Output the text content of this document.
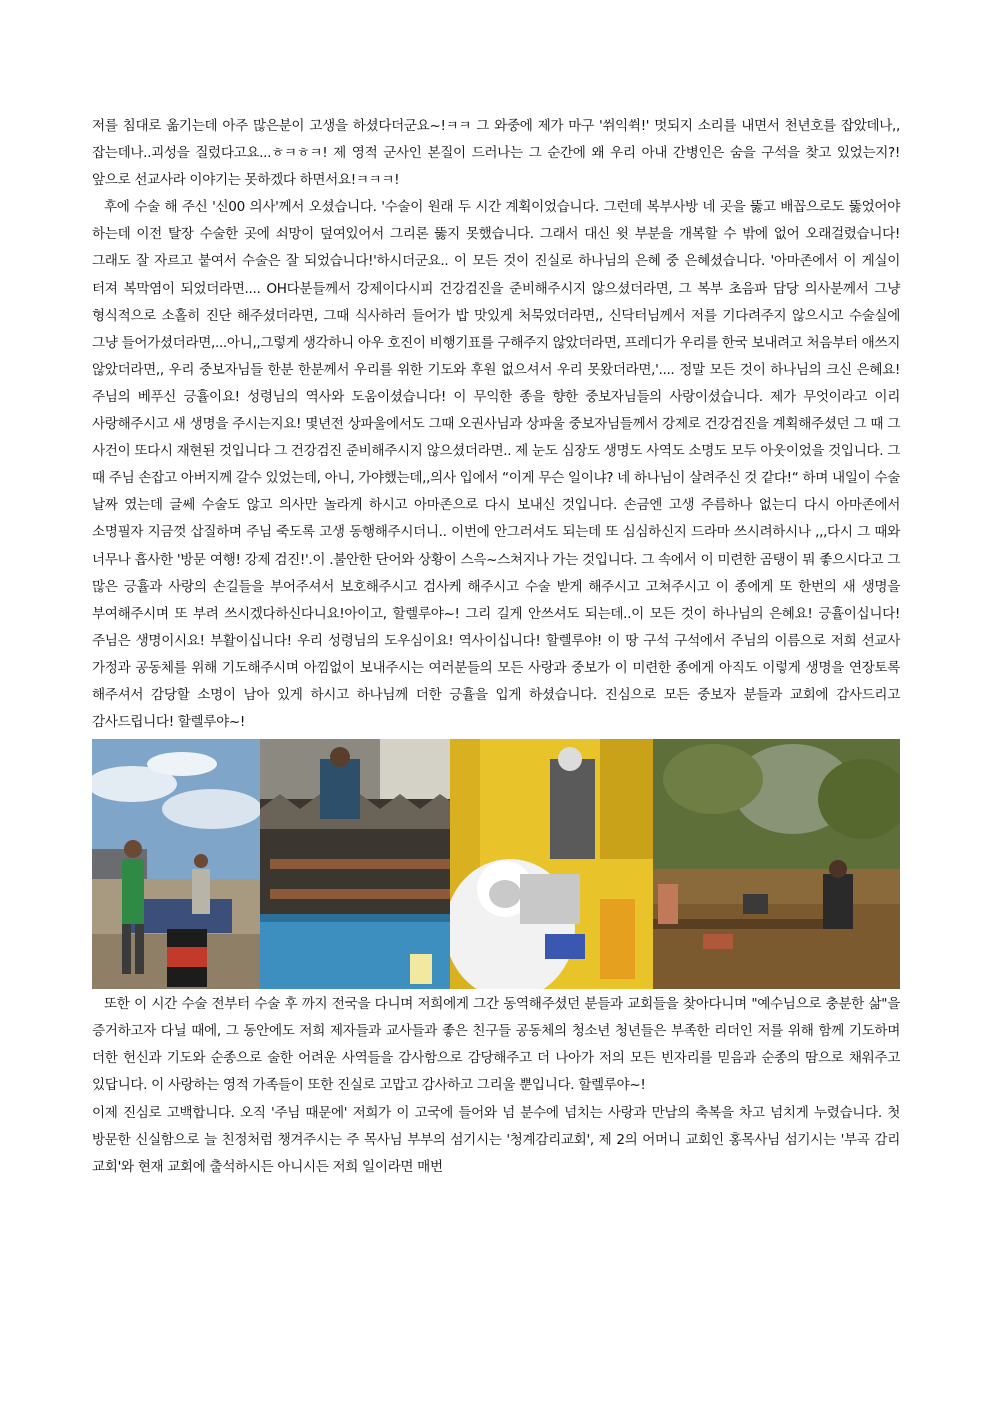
저를 침대로 옮기는데 아주 많은분이 고생을 하셨다더군요~!ㅋㅋ 그 와중에 제가 마구 '쒸익쒹!' 멋되지 소리를 내면서 천년호를 잡았데나,,잡는데나..괴성을 질렀다고요...ㅎㅋㅎㅋ! 제 영적 군사인 본질이 드러나는 그 순간에 왜 우리 아내 간병인은 숨을 구석을 찾고 있었는지?! 앞으로 선교사라 이야기는 못하겠다 하면서요!ㅋㅋㅋ!

후에 수술 해 주신 '신00 의사'께서 오셨습니다. '수술이 원래 두 시간 계획이었습니다. 그런데 복부사방 네 곳을 뚫고 배꼽으로도 뚫었어야 하는데 이전 탈장 수술한 곳에 쇠망이 덮여있어서 그리론 뚫지 못했습니다. 그래서 대신 윗 부분을 개복할 수 밖에 없어 오래걸렸습니다!그래도 잘 자르고 붙여서 수술은 잘 되었습니다!'하시더군요.. 이 모든 것이 진실로 하나님의 은혜 중 은혜셨습니다. '아마존에서 이 게실이 터져 복막염이 되었더라면.... OH다분들께서 강제이다시피 건강검진을 준비해주시지 않으셨더라면, 그 복부 초음파 담당 의사분께서 그냥 형식적으로 소홀히 진단 해주셨더라면, 그때 식사하러 들어가 밥 맛있게 처묵었더라면,, 신닥터님께서 저를 기다려주지 않으시고 수술실에 그냥 들어가셨더라면,...아니,,그렇게 생각하니 아우 호진이 비행기표를 구해주지 않았더라면, 프레디가 우리를 한국 보내려고 처음부터 애쓰지 않았더라면,, 우리 중보자님들 한분 한분께서 우리를 위한 기도와 후원 없으셔서 우리 못왔더라면,'.... 정말 모든 것이 하나님의 크신 은혜요! 주님의 베푸신 긍휼이요! 성령님의 역사와 도움이셨습니다! 이 무익한 종을 향한 중보자님들의 사랑이셨습니다. 제가 무엇이라고 이리 사랑해주시고 새 생명을 주시는지요! 몇년전 상파울에서도 그때 오권사님과 상파울 중보자님들께서 강제로 건강검진을 계획해주셨던 그 때 그 사건이 또다시 재현된 것입니다 그 건강검진 준비해주시지 않으셨더라면.. 제 눈도 심장도 생명도 사역도 소명도 모두 아웃이었을 것입니다. 그 때 주님 손잡고 아버지께 갈수 있었는데, 아니, 가야했는데,,의사 입에서 “이게 무슨 일이냐? 네 하나님이 살려주신 것 같다!“ 하며 내일이 수술 날짜 였는데 글쎄 수술도 않고 의사만 놀라게 하시고 아마존으로 다시 보내신 것입니다. 손금엔 고생 주름하나 없는디 다시 아마존에서 소명필자 지금껏 삽질하며 주님 죽도록 고생 동행해주시더니.. 이번에 안그러셔도 되는데 또 심심하신지 드라마 쓰시려하시나 ,,,다시 그 때와 너무나 흡사한 '방문 여행! 강제 검진!'.이 .불안한 단어와 상황이 스윽~스쳐지나 가는 것입니다. 그 속에서 이 미련한 곰탱이 뭐 좋으시다고 그 많은 긍휼과 사랑의 손길들을 부어주셔서 보호해주시고 검사케 해주시고 수술 받게 해주시고 고쳐주시고 이 종에게 또 한번의 새 생명을 부여해주시며 또 부려 쓰시겠다하신다니요!아이고, 할렐루야~! 그리 길게 안쓰셔도 되는데..이 모든 것이 하나님의 은혜요! 긍휼이십니다! 주님은 생명이시요! 부활이십니다! 우리 성령님의 도우심이요! 역사이십니다! 할렐루야! 이 땅 구석 구석에서 주님의 이름으로 저희 선교사 가정과 공동체를 위해 기도해주시며 아낌없이 보내주시는 여러분들의 모든 사랑과 중보가 이 미련한 종에게 아직도 이렇게 생명을 연장토록 해주셔서 감당할 소명이 남아 있게 하시고 하나님께 더한 긍휼을 입게 하셨습니다. 진심으로 모든 중보자 분들과 교회에 감사드리고 감사드립니다! 할렐루야~!

또한 이 시간 수술 전부터 수술 후 까지 전국을 다니며 저희에게 그간 동역해주셨던 분들과 교회들을 찾아다니며 "예수님으로 충분한 삶"을 증거하고자 다닐 때에, 그 동안에도 저희 제자들과 교사들과 좋은 친구들 공동체의 청소년 청년들은 부족한 리더인 저를 위해 함께 기도하며 더한 헌신과 기도와 순종으로 술한 어려운 사역들을 감사함으로 감당해주고 더 나아가 저의 모든 빈자리를 믿음과 순종의 땀으로 채워주고 있답니다. 이 사랑하는 영적 가족들이 또한 진실로 고맙고 감사하고 그리울 뿐입니다. 할렐루야~!

이제 진심로 고백합니다. 오직 '주님 때문에' 저희가 이 고국에 들어와 넘 분수에 넘치는 사랑과 만남의 축복을 차고 넘치게 누렸습니다. 첫 방문한 신실함으로 늘 친정처럼 챙겨주시는 주 목사님 부부의 섬기시는 '청계감리교회', 제 2의 어머니 교회인 홍목사님 섬기시는 '부곡 감리 교회'와 현재 교회에 출석하시든 아니시든 저희 일이라면 매번
